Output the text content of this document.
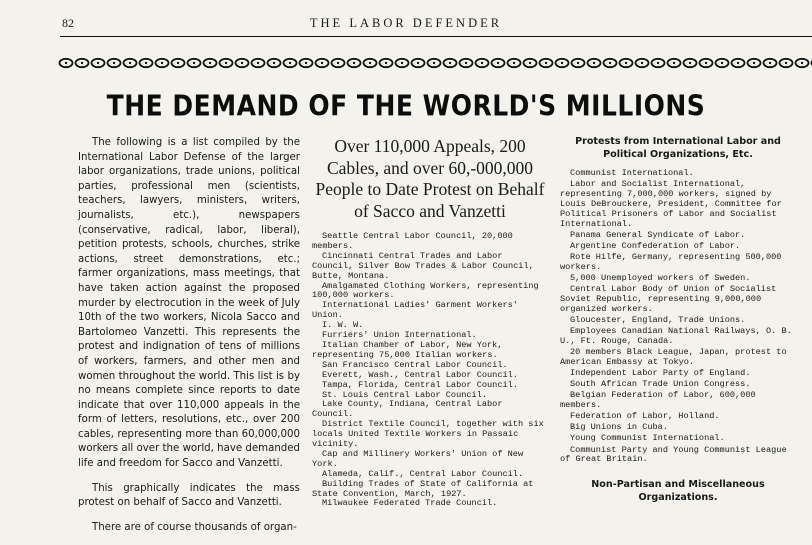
82	THE LABOR DEFENDER
THE DEMAND OF THE WORLD'S MILLIONS

The following is a list compiled by the International Labor Defense of the larger labor organizations, trade unions, political parties, professional men (scientists, teachers, lawyers, ministers, writers, journalists, etc.), newspapers (conservative, radical, labor, liberal), petition protests, schools, churches, strike actions, street demonstrations, etc.; farmer organizations, mass meetings, that have taken action against the proposed murder by electrocution in the week of July 10th of the two workers, Nicola Sacco and Bartolomeo Vanzetti. This represents the protest and indignation of tens of millions of workers, farmers, and other men and women throughout the world. This list is by no means complete since reports to date indicate that over 110,000 appeals in the form of letters, resolutions, etc., over 200 cables, representing more than 60,000,000 workers all over the world, have demanded life and freedom for Sacco and Vanzetti.

This graphically indicates the mass protest on behalf of Sacco and Vanzetti.

There are of course thousands of organ-

Over 110,000 Appeals, 200 Cables, and over 60,-000,000 People to Date Protest on Behalf of Sacco and Vanzetti
Seattle Central Labor Council, 20,000 members.
Cincinnati Central Trades and Labor Council, Silver Bow Trades & Labor Council, Butte, Montana.
Amalgamated Clothing Workers, representing 100,000 workers.
International Ladies' Garment Workers' Union.
I. W. W.
Furriers' Union International.
Italian Chamber of Labor, New York, representing 75,000 Italian workers.
San Francisco Central Labor Council.
Everett, Wash., Central Labor Council.
Tampa, Florida, Central Labor Council.
St. Louis Central Labor Council.
Lake County, Indiana, Central Labor Council.
District Textile Council, together with six locals United Textile Workers in Passaic vicinity.
Cap and Millinery Workers' Union of New York.
Alameda, Calif., Central Labor Council.
Building Trades of State of California at State Convention, March, 1927.
Milwaukee Federated Trade Council.
Protests from International Labor and Political Organizations, Etc.
Communist International.
Labor and Socialist International, representing 7,000,000 workers, signed by Louis DeBrouckere, President, Committee for Political Prisoners of Labor and Socialist International.
Panama General Syndicate of Labor.
Argentine Confederation of Labor.
Rote Hilfe, Germany, representing 500,000 workers.
5,000 Unemployed workers of Sweden.
Central Labor Body of Union of Socialist Soviet Republic, representing 9,000,000 organized workers.
Gloucester, England, Trade Unions.
Employees Canadian National Railways, O. B. U., Ft. Rouge, Canada.
20 members Black League, Japan, protest to American Embassy at Tokyo.
Independent Labor Party of England.
South African Trade Union Congress.
Belgian Federation of Labor, 600,000 members.
Federation of Labor, Holland.
Big Unions in Cuba.
Young Communist International.
Communist Party and Young Communist League of Great Britain.
Non-Partisan and Miscellaneous Organizations.
